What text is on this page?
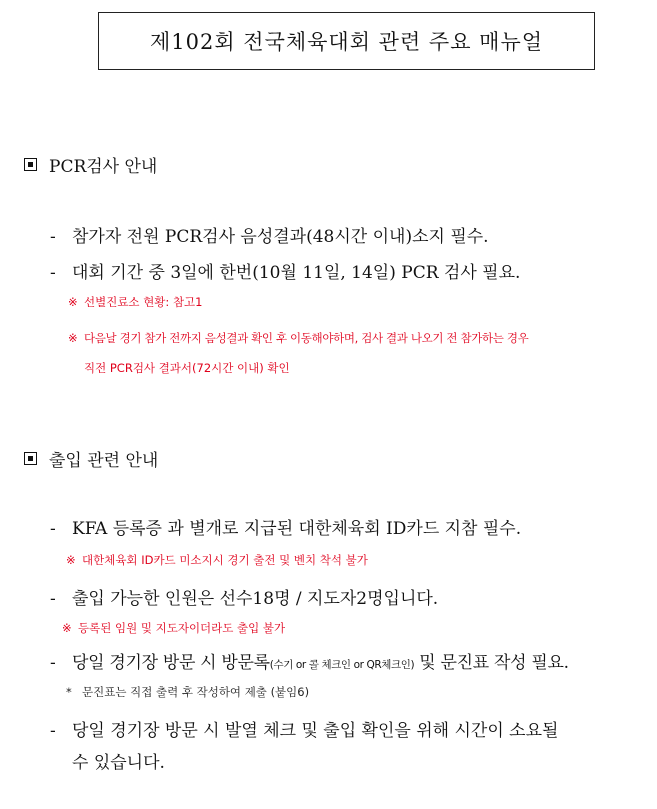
제102회 전국체육대회 관련 주요 매뉴얼
PCR검사 안내
- 참가자 전원 PCR검사 음성결과(48시간 이내)소지 필수.
- 대회 기간 중 3일에 한번(10월 11일, 14일) PCR 검사 필요.
※ 선별진료소 현황: 참고1
※ 다음날 경기 참가 전까지 음성결과 확인 후 이동해야하며, 검사 결과 나오기 전 참가하는 경우
직전 PCR검사 결과서(72시간 이내) 확인
출입 관련 안내
- KFA 등록증 과 별개로 지급된 대한체육회 ID카드 지참 필수.
※ 대한체육회 ID카드 미소지시 경기 출전 및 벤치 착석 불가
- 출입 가능한 인원은 선수18명 / 지도자2명입니다.
※ 등록된 임원 및 지도자이더라도 출입 불가
- 당일 경기장 방문 시 방문록(수기 or 콜 체크인 or QR체크인) 및 문진표 작성 필요.
* 문진표는 직접 출력 후 작성하여 제출 (붙임6)
- 당일 경기장 방문 시 발열 체크 및 출입 확인을 위해 시간이 소요될
수 있습니다.
